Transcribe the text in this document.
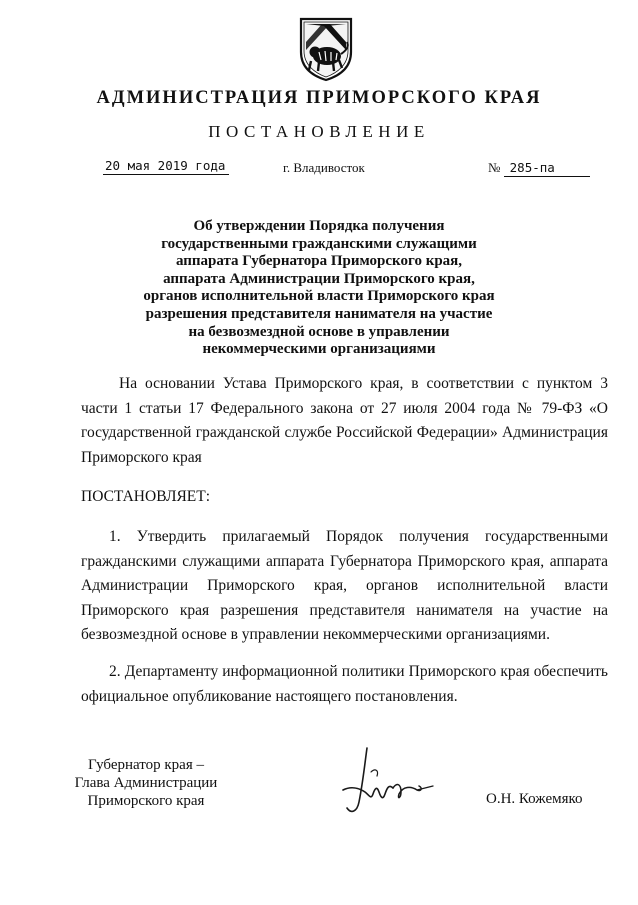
АДМИНИСТРАЦИЯ ПРИМОРСКОГО КРАЯ
ПОСТАНОВЛЕНИЕ
20 мая 2019 года	г. Владивосток	№ 285-па
Об утверждении Порядка получения
государственными гражданскими служащими
аппарата Губернатора Приморского края,
аппарата Администрации Приморского края,
органов исполнительной власти Приморского края
разрешения представителя нанимателя на участие
на безвозмездной основе в управлении
некоммерческими организациями
На основании Устава Приморского края, в соответствии с пунктом 3 части 1 статьи 17 Федерального закона от 27 июля 2004 года № 79-ФЗ «О государственной гражданской службе Российской Федерации» Администрация Приморского края
ПОСТАНОВЛЯЕТ:
1. Утвердить прилагаемый Порядок получения государственными гражданскими служащими аппарата Губернатора Приморского края, аппарата Администрации Приморского края, органов исполнительной власти Приморского края разрешения представителя нанимателя на участие на безвозмездной основе в управлении некоммерческими организациями.
2. Департаменту информационной политики Приморского края обеспечить официальное опубликование настоящего постановления.
Губернатор края –
Глава Администрации
Приморского края	О.Н. Кожемяко
